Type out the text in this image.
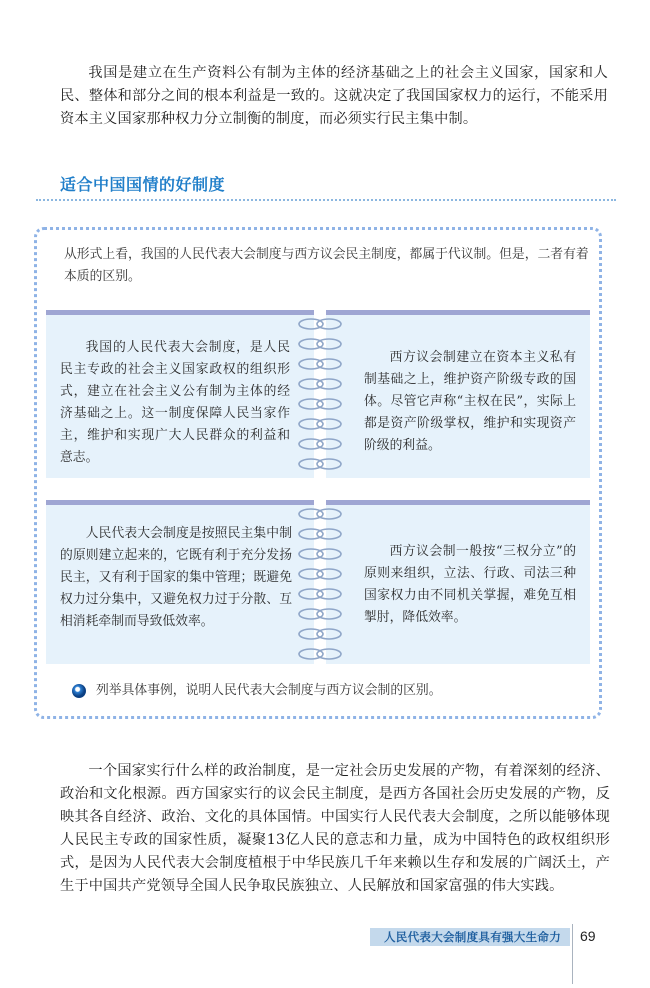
我国是建立在生产资料公有制为主体的经济基础之上的社会主义国家，国家和人民、整体和部分之间的根本利益是一致的。这就决定了我国国家权力的运行，不能采用资本主义国家那种权力分立制衡的制度，而必须实行民主集中制。

适合中国国情的好制度

从形式上看，我国的人民代表大会制度与西方议会民主制度，都属于代议制。但是，二者有着本质的区别。

我国的人民代表大会制度，是人民民主专政的社会主义国家政权的组织形式，建立在社会主义公有制为主体的经济基础之上。这一制度保障人民当家作主，维护和实现广大人民群众的利益和意志。

西方议会制建立在资本主义私有制基础之上，维护资产阶级专政的国体。尽管它声称“主权在民”，实际上都是资产阶级掌权，维护和实现资产阶级的利益。

人民代表大会制度是按照民主集中制的原则建立起来的，它既有利于充分发扬民主，又有利于国家的集中管理；既避免权力过分集中，又避免权力过于分散、互相消耗牵制而导致低效率。

西方议会制一般按“三权分立”的原则来组织，立法、行政、司法三种国家权力由不同机关掌握，难免互相掣肘，降低效率。

列举具体事例，说明人民代表大会制度与西方议会制的区别。

一个国家实行什么样的政治制度，是一定社会历史发展的产物，有着深刻的经济、政治和文化根源。西方国家实行的议会民主制度，是西方各国社会历史发展的产物，反映其各自经济、政治、文化的具体国情。中国实行人民代表大会制度，之所以能够体现人民民主专政的国家性质，凝聚13亿人民的意志和力量，成为中国特色的政权组织形式，是因为人民代表大会制度植根于中华民族几千年来赖以生存和发展的广阔沃土，产生于中国共产党领导全国人民争取民族独立、人民解放和国家富强的伟大实践。

人民代表大会制度具有强大生命力 69
